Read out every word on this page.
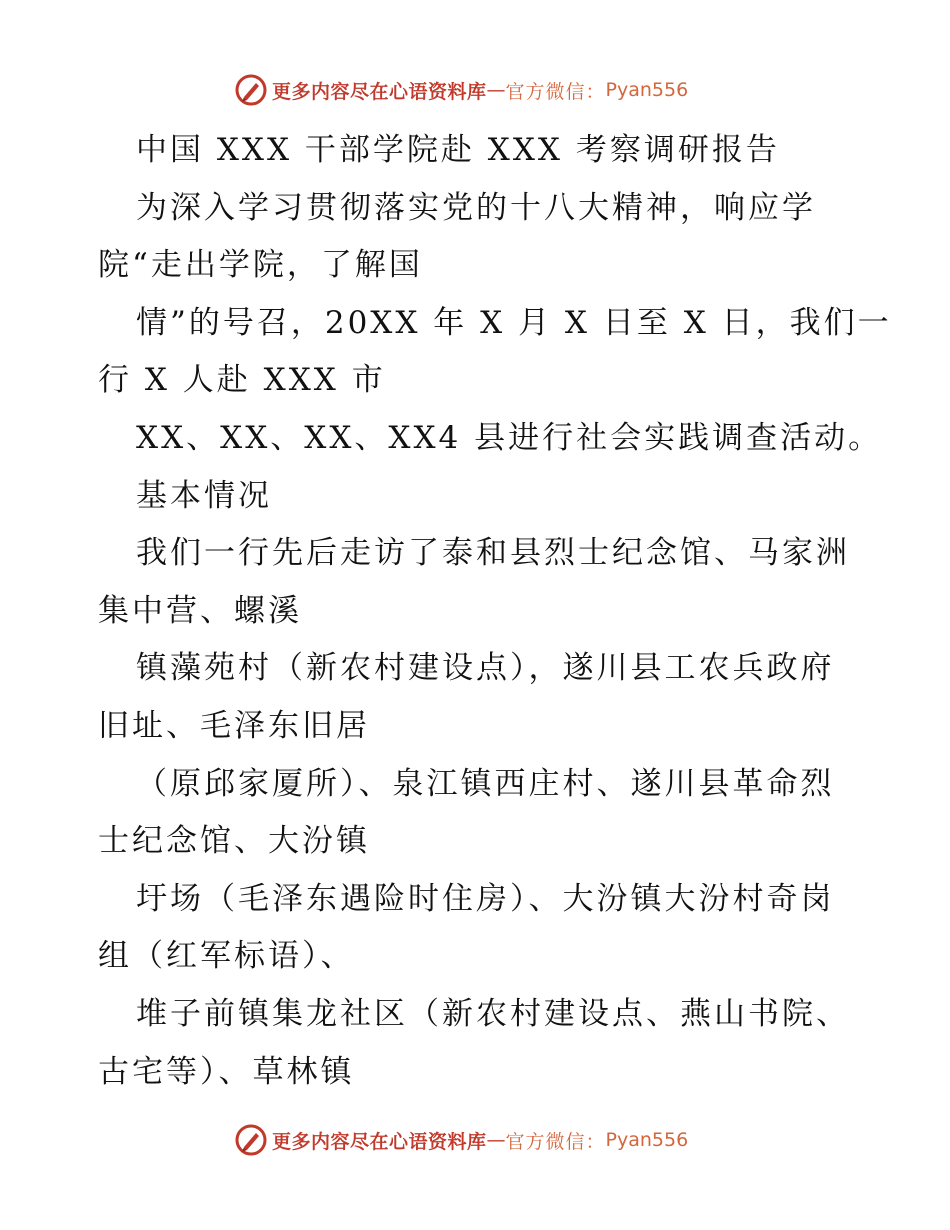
更多内容尽在心语资料库 — 官方微信： Pyan556
中国 XXX 干部学院赴 XXX 考察调研报告
为深入学习贯彻落实党的十八大精神，响应学
院“走出学院，了解国
情”的号召，20XX 年 X 月 X 日至 X 日，我们一
行 X 人赴 XXX 市
XX、XX、XX、XX4 县进行社会实践调查活动。
基本情况
我们一行先后走访了泰和县烈士纪念馆、马家洲
集中营、螺溪
镇藻苑村（新农村建设点），遂川县工农兵政府
旧址、毛泽东旧居
（原邱家厦所）、泉江镇西庄村、遂川县革命烈
士纪念馆、大汾镇
圩场（毛泽东遇险时住房）、大汾镇大汾村奇岗
组（红军标语）、
堆子前镇集龙社区（新农村建设点、燕山书院、
古宅等）、草林镇
更多内容尽在心语资料库 — 官方微信： Pyan556
